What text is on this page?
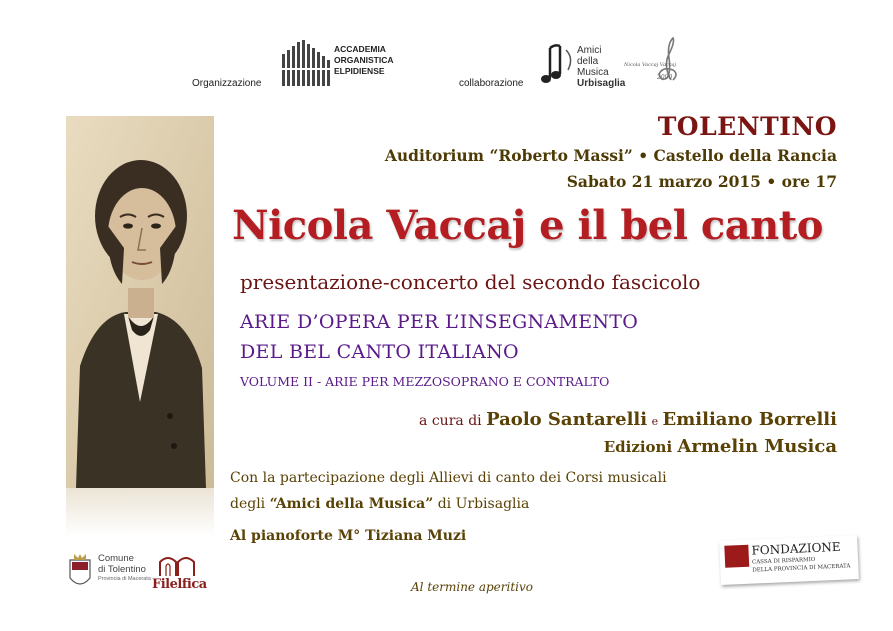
Organizzazione
ACCADEMIA
ORGANISTICA
ELPIDIENSE
collaborazione
Amici
della
Musica
Urbisaglia
Nicola Vaccaj Vaccaj
2000
TOLENTINO
Auditorium “Roberto Massi” • Castello della Rancia
Sabato 21 marzo 2015 • ore 17
Nicola Vaccaj e il bel canto
presentazione-concerto del secondo fascicolo
ARIE D’OPERA PER L’INSEGNAMENTO
DEL BEL CANTO ITALIANO
VOLUME II - ARIE PER MEZZOSOPRANO E CONTRALTO
a cura di Paolo Santarelli e Emiliano Borrelli
Edizioni Armelin Musica
Con la partecipazione degli Allievi di canto dei Corsi musicali
degli “Amici della Musica” di Urbisaglia
Al pianoforte M° Tiziana Muzi
Al termine aperitivo
Comune
di Tolentino
Provincia di Macerata Filelfica
FONDAZIONE
CASSA DI RISPARMIO
DELLA PROVINCIA DI MACERATA
